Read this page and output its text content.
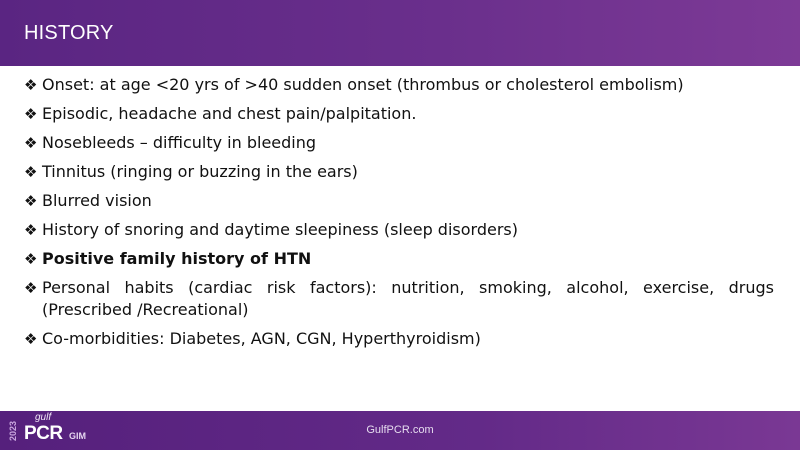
HISTORY
❖ Onset: at age <20 yrs of >40 sudden onset (thrombus or cholesterol embolism)
❖ Episodic, headache and chest pain/palpitation.
❖ Nosebleeds – difficulty in bleeding
❖ Tinnitus (ringing or buzzing in the ears)
❖ Blurred vision
❖ History of snoring and daytime sleepiness (sleep disorders)
❖ Positive family history of HTN
❖ Personal habits (cardiac risk factors): nutrition, smoking, alcohol, exercise, drugs (Prescribed /Recreational)
❖ Co-morbidities: Diabetes, AGN, CGN, Hyperthyroidism)
2023
gulf
PCR GIM	GulfPCR.com
